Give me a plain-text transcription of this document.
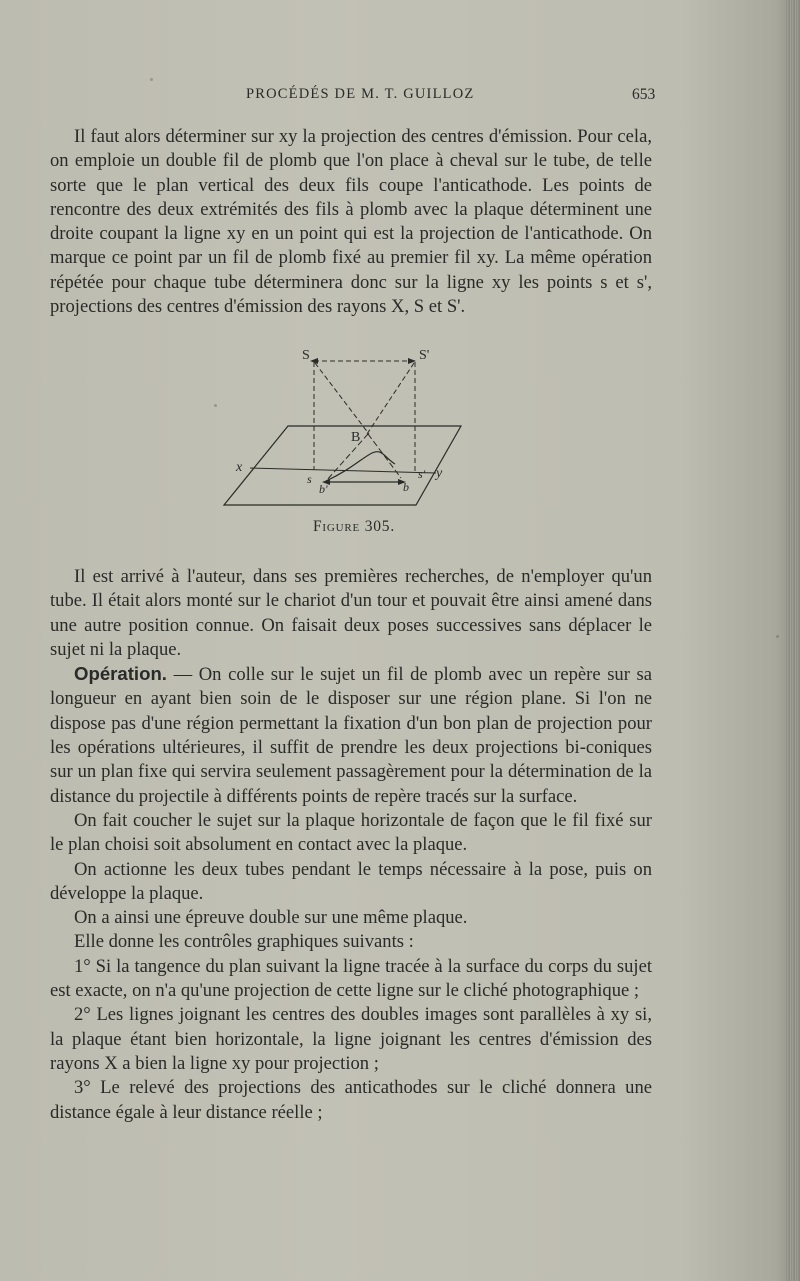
PROCÉDÉS DE M. T. GUILLOZ	653

Il faut alors déterminer sur xy la projection des centres d'émission. Pour cela, on emploie un double fil de plomb que l'on place à cheval sur le tube, de telle sorte que le plan vertical des deux fils coupe l'anticathode. Les points de rencontre des deux extrémités des fils à plomb avec la plaque déterminent une droite coupant la ligne xy en un point qui est la projection de l'anticathode. On marque ce point par un fil de plomb fixé au premier fil xy. La même opération répétée pour chaque tube déterminera donc sur la ligne xy les points s et s', projections des centres d'émission des rayons X, S et S'.

S	S'
B
x	y
s	s'
b'	b
Figure 305.

Il est arrivé à l'auteur, dans ses premières recherches, de n'employer qu'un tube. Il était alors monté sur le chariot d'un tour et pouvait être ainsi amené dans une autre position connue. On faisait deux poses successives sans déplacer le sujet ni la plaque.

Opération. — On colle sur le sujet un fil de plomb avec un repère sur sa longueur en ayant bien soin de le disposer sur une région plane. Si l'on ne dispose pas d'une région permettant la fixation d'un bon plan de projection pour les opérations ultérieures, il suffit de prendre les deux projections bi-coniques sur un plan fixe qui servira seulement passagèrement pour la détermination de la distance du projectile à différents points de repère tracés sur la surface.

On fait coucher le sujet sur la plaque horizontale de façon que le fil fixé sur le plan choisi soit absolument en contact avec la plaque.

On actionne les deux tubes pendant le temps nécessaire à la pose, puis on développe la plaque.

On a ainsi une épreuve double sur une même plaque.

Elle donne les contrôles graphiques suivants :

1° Si la tangence du plan suivant la ligne tracée à la surface du corps du sujet est exacte, on n'a qu'une projection de cette ligne sur le cliché photographique ;

2° Les lignes joignant les centres des doubles images sont parallèles à xy si, la plaque étant bien horizontale, la ligne joignant les centres d'émission des rayons X a bien la ligne xy pour projection ;

3° Le relevé des projections des anticathodes sur le cliché donnera une distance égale à leur distance réelle ;
